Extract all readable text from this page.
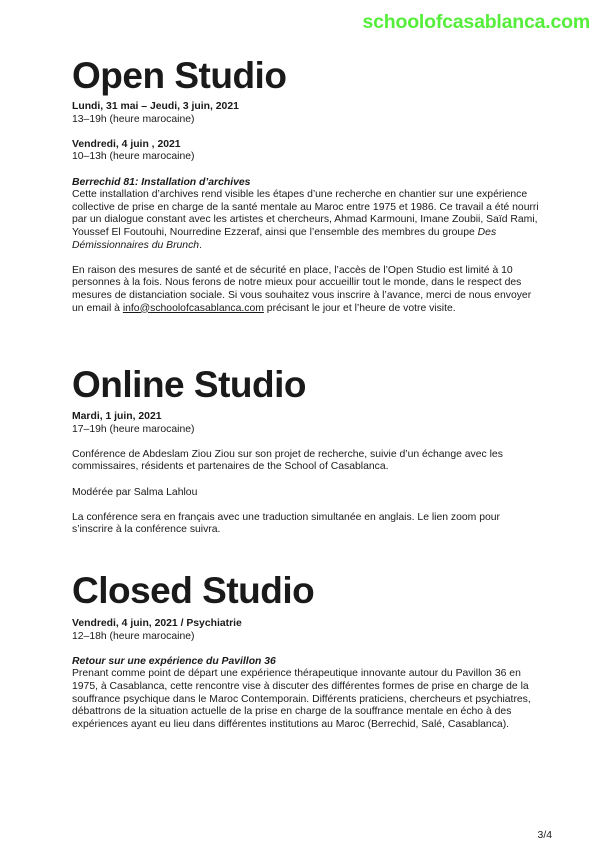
schoolofcasablanca.com
Open Studio

Lundi, 31 mai – Jeudi, 3 juin, 2021

13–19h (heure marocaine)

Vendredi, 4 juin , 2021

10–13h (heure marocaine)

Berrechid 81: Installation d’archives

Cette installation d’archives rend visible les étapes d’une recherche en chantier sur une expérience collective de prise en charge de la santé mentale au Maroc entre 1975 et 1986. Ce travail a été nourri par un dialogue constant avec les artistes et chercheurs, Ahmad Karmouni, Imane Zoubii, Saïd Rami, Youssef El Foutouhi, Nourredine Ezzeraf, ainsi que l’ensemble des membres du groupe Des Démissionnaires du Brunch.

En raison des mesures de santé et de sécurité en place, l’accès de l’Open Studio est limité à 10 personnes à la fois. Nous ferons de notre mieux pour accueillir tout le monde, dans le respect des mesures de distanciation sociale. Si vous souhaitez vous inscrire à l’avance, merci de nous envoyer un email à info@schoolofcasablanca.com précisant le jour et l’heure de votre visite.

Online Studio

Mardi, 1 juin, 2021

17–19h (heure marocaine)

Conférence de Abdeslam Ziou Ziou sur son projet de recherche, suivie d’un échange avec les commissaires, résidents et partenaires de the School of Casablanca.

Modérée par Salma Lahlou

La conférence sera en français avec une traduction simultanée en anglais. Le lien zoom pour s’inscrire à la conférence suivra.

Closed Studio

Vendredi, 4 juin, 2021 / Psychiatrie

12–18h (heure marocaine)

Retour sur une expérience du Pavillon 36

Prenant comme point de départ une expérience thérapeutique innovante autour du Pavillon 36 en 1975, à Casablanca, cette rencontre vise à discuter des différentes formes de prise en charge de la souffrance psychique dans le Maroc Contemporain. Différents praticiens, chercheurs et psychiatres, débattrons de la situation actuelle de la prise en charge de la souffrance mentale en écho à des expériences ayant eu lieu dans différentes institutions au Maroc (Berrechid, Salé, Casablanca).

3/4
